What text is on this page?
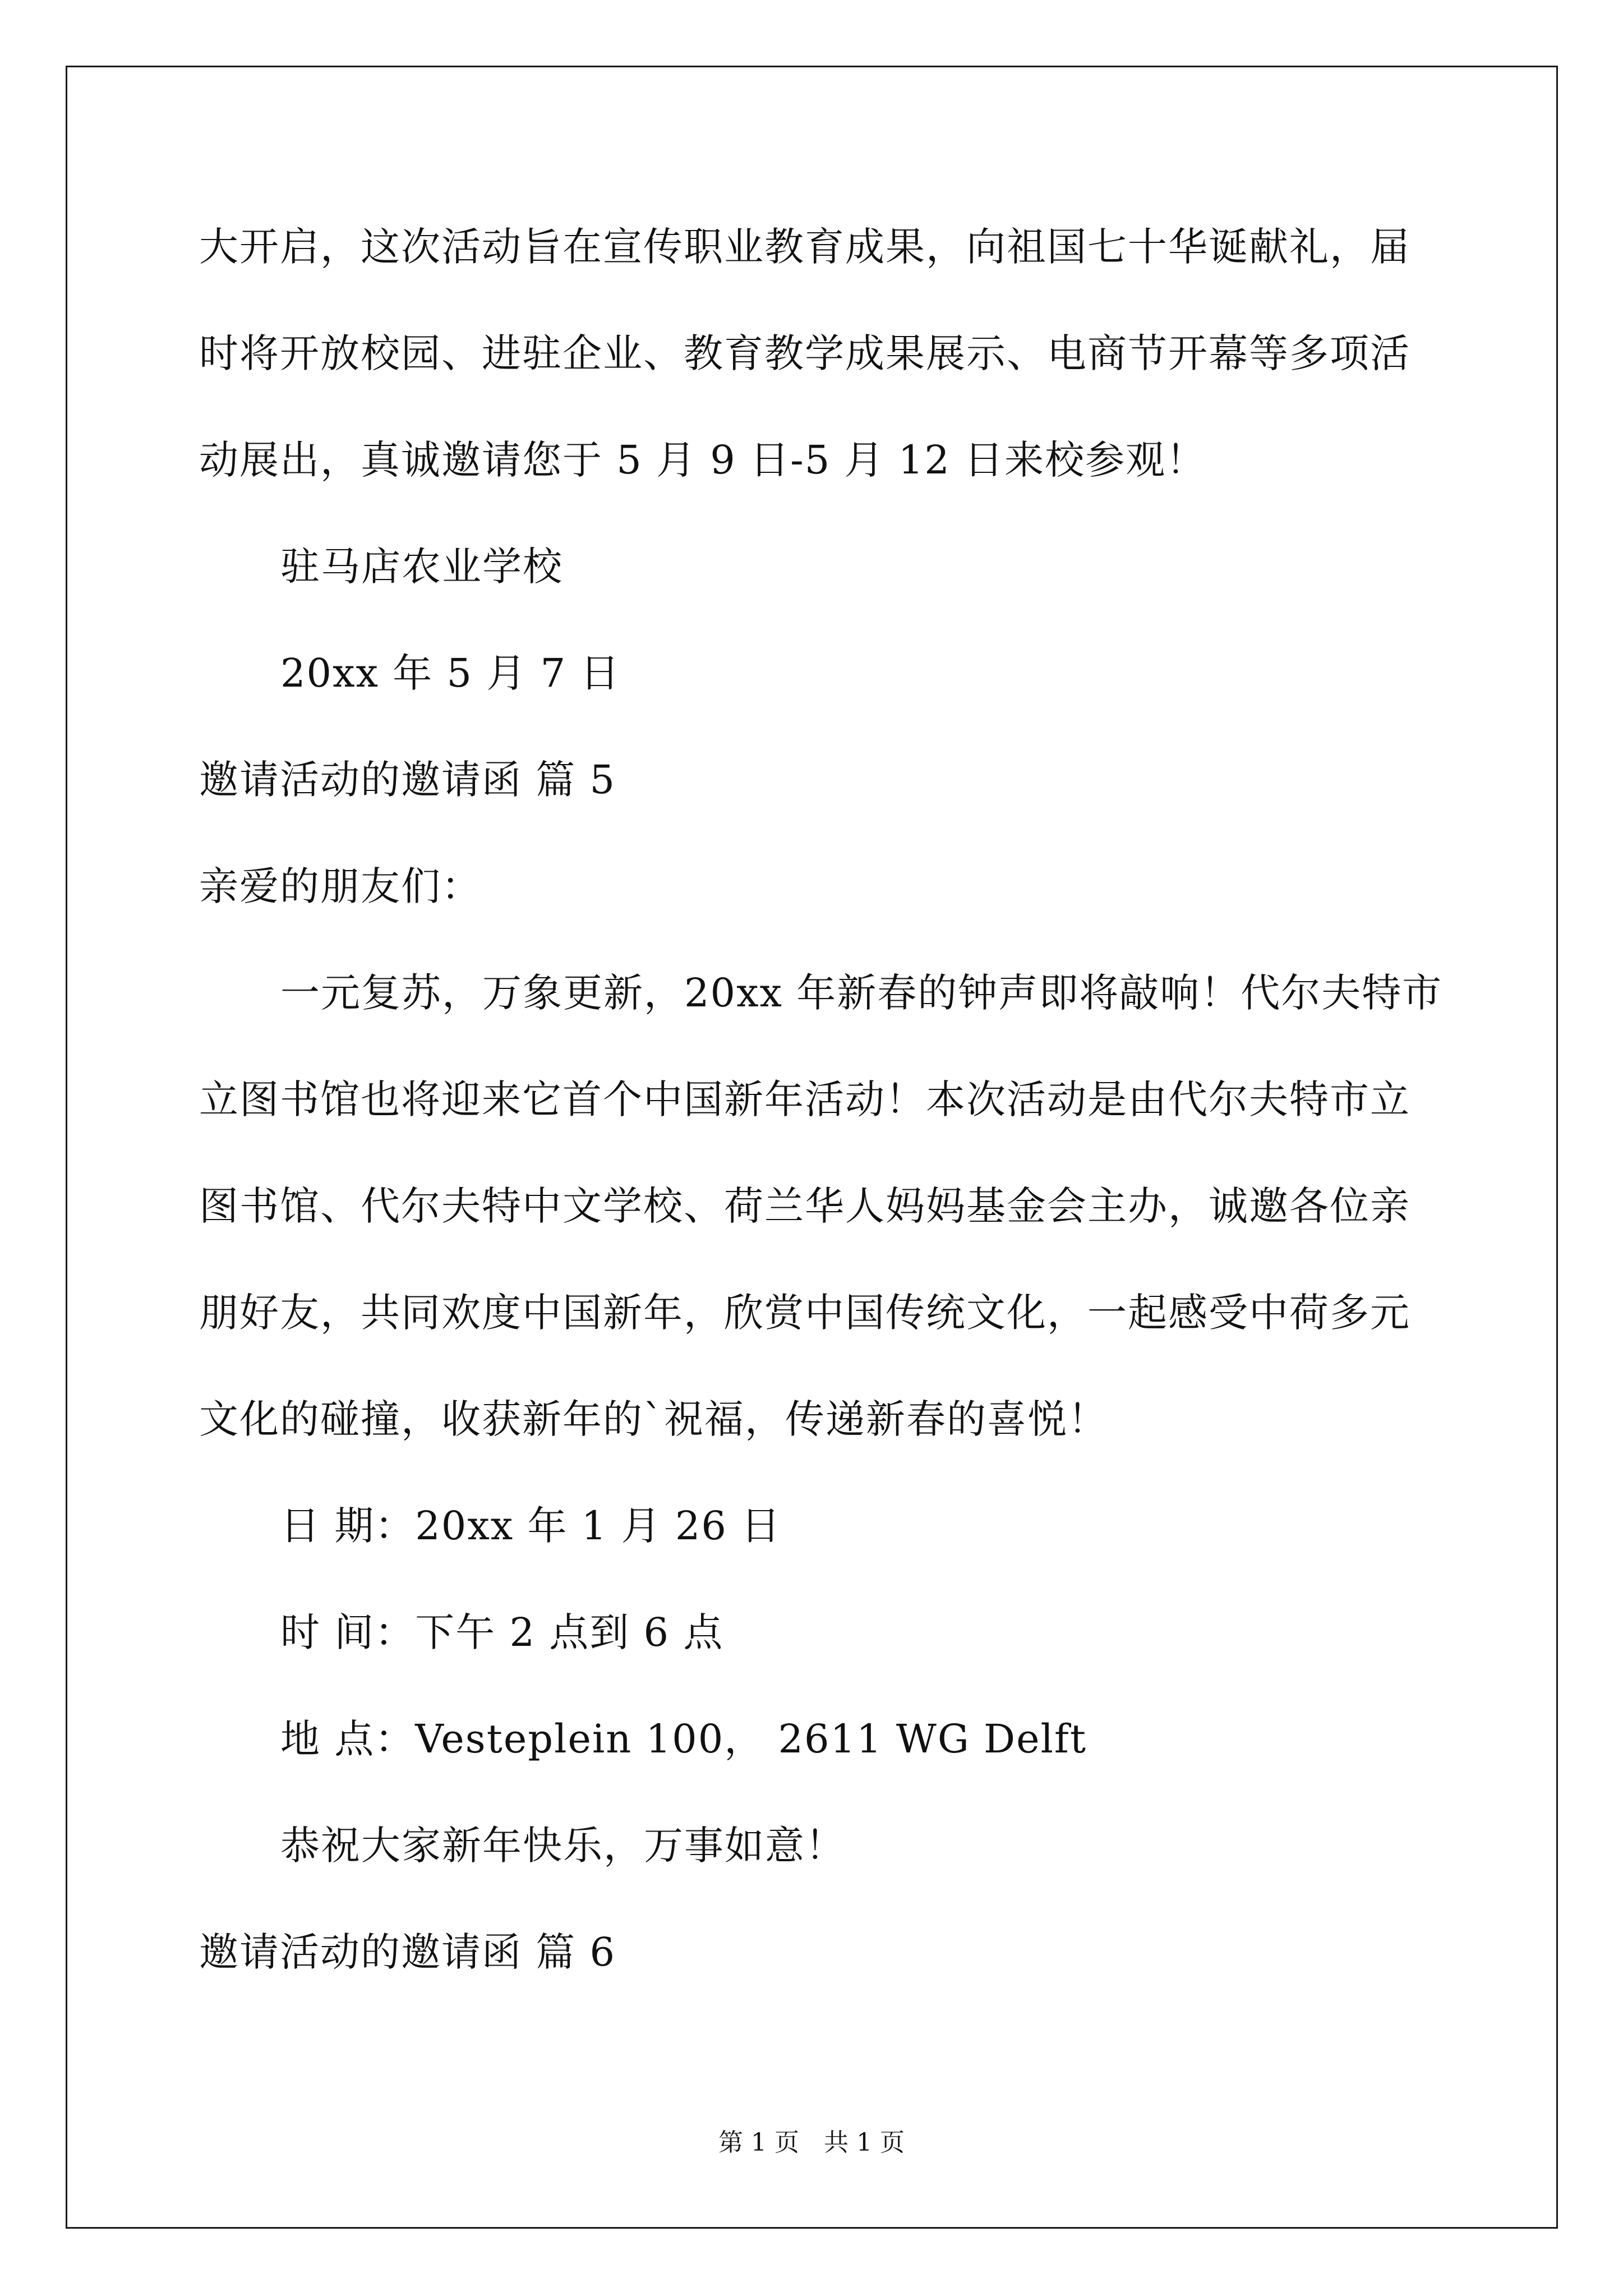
大开启，这次活动旨在宣传职业教育成果，向祖国七十华诞献礼，届
时将开放校园、进驻企业、教育教学成果展示、电商节开幕等多项活
动展出，真诚邀请您于 5 月 9 日-5 月 12 日来校参观！
驻马店农业学校
20xx 年 5 月 7 日
邀请活动的邀请函 篇 5
亲爱的朋友们：
一元复苏，万象更新，20xx 年新春的钟声即将敲响！代尔夫特市
立图书馆也将迎来它首个中国新年活动！本次活动是由代尔夫特市立
图书馆、代尔夫特中文学校、荷兰华人妈妈基金会主办，诚邀各位亲
朋好友，共同欢度中国新年，欣赏中国传统文化，一起感受中荷多元
文化的碰撞，收获新年的`祝福，传递新春的喜悦！
日 期：20xx 年 1 月 26 日
时 间：下午 2 点到 6 点
地 点：Vesteplein 100， 2611 WG Delft
恭祝大家新年快乐，万事如意！
邀请活动的邀请函 篇 6
第 1 页　共 1 页
